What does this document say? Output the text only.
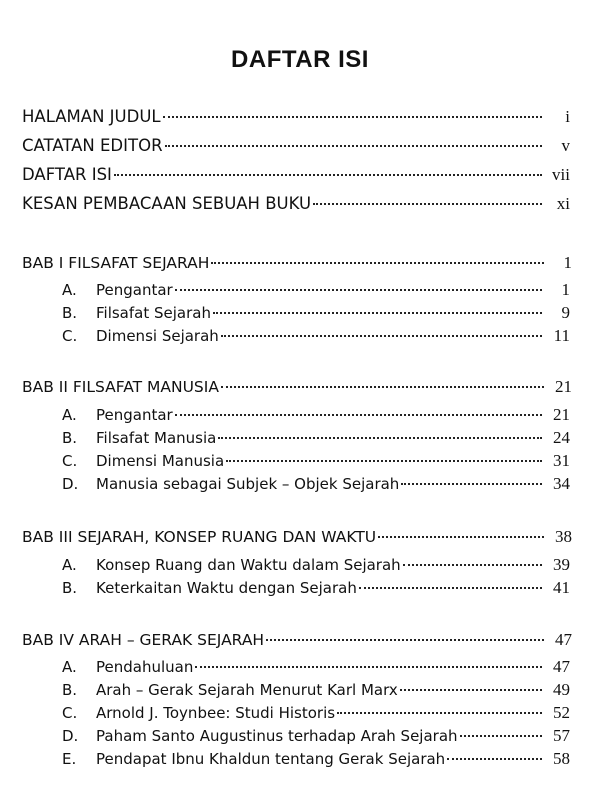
DAFTAR ISI
HALAMAN JUDUL	i
CATATAN EDITOR	v
DAFTAR ISI	vii
KESAN PEMBACAAN SEBUAH BUKU	xi
BAB I FILSAFAT SEJARAH	1
A. Pengantar	1
B. Filsafat Sejarah	9
C. Dimensi Sejarah	11
BAB II FILSAFAT MANUSIA	21
A. Pengantar	21
B. Filsafat Manusia	24
C. Dimensi Manusia	31
D. Manusia sebagai Subjek – Objek Sejarah	34
BAB III SEJARAH, KONSEP RUANG DAN WAKTU	38
A. Konsep Ruang dan Waktu dalam Sejarah	39
B. Keterkaitan Waktu dengan Sejarah	41
BAB IV ARAH – GERAK SEJARAH	47
A. Pendahuluan	47
B. Arah – Gerak Sejarah Menurut Karl Marx	49
C. Arnold J. Toynbee: Studi Historis	52
D. Paham Santo Augustinus terhadap Arah Sejarah	57
E. Pendapat Ibnu Khaldun tentang Gerak Sejarah	58
